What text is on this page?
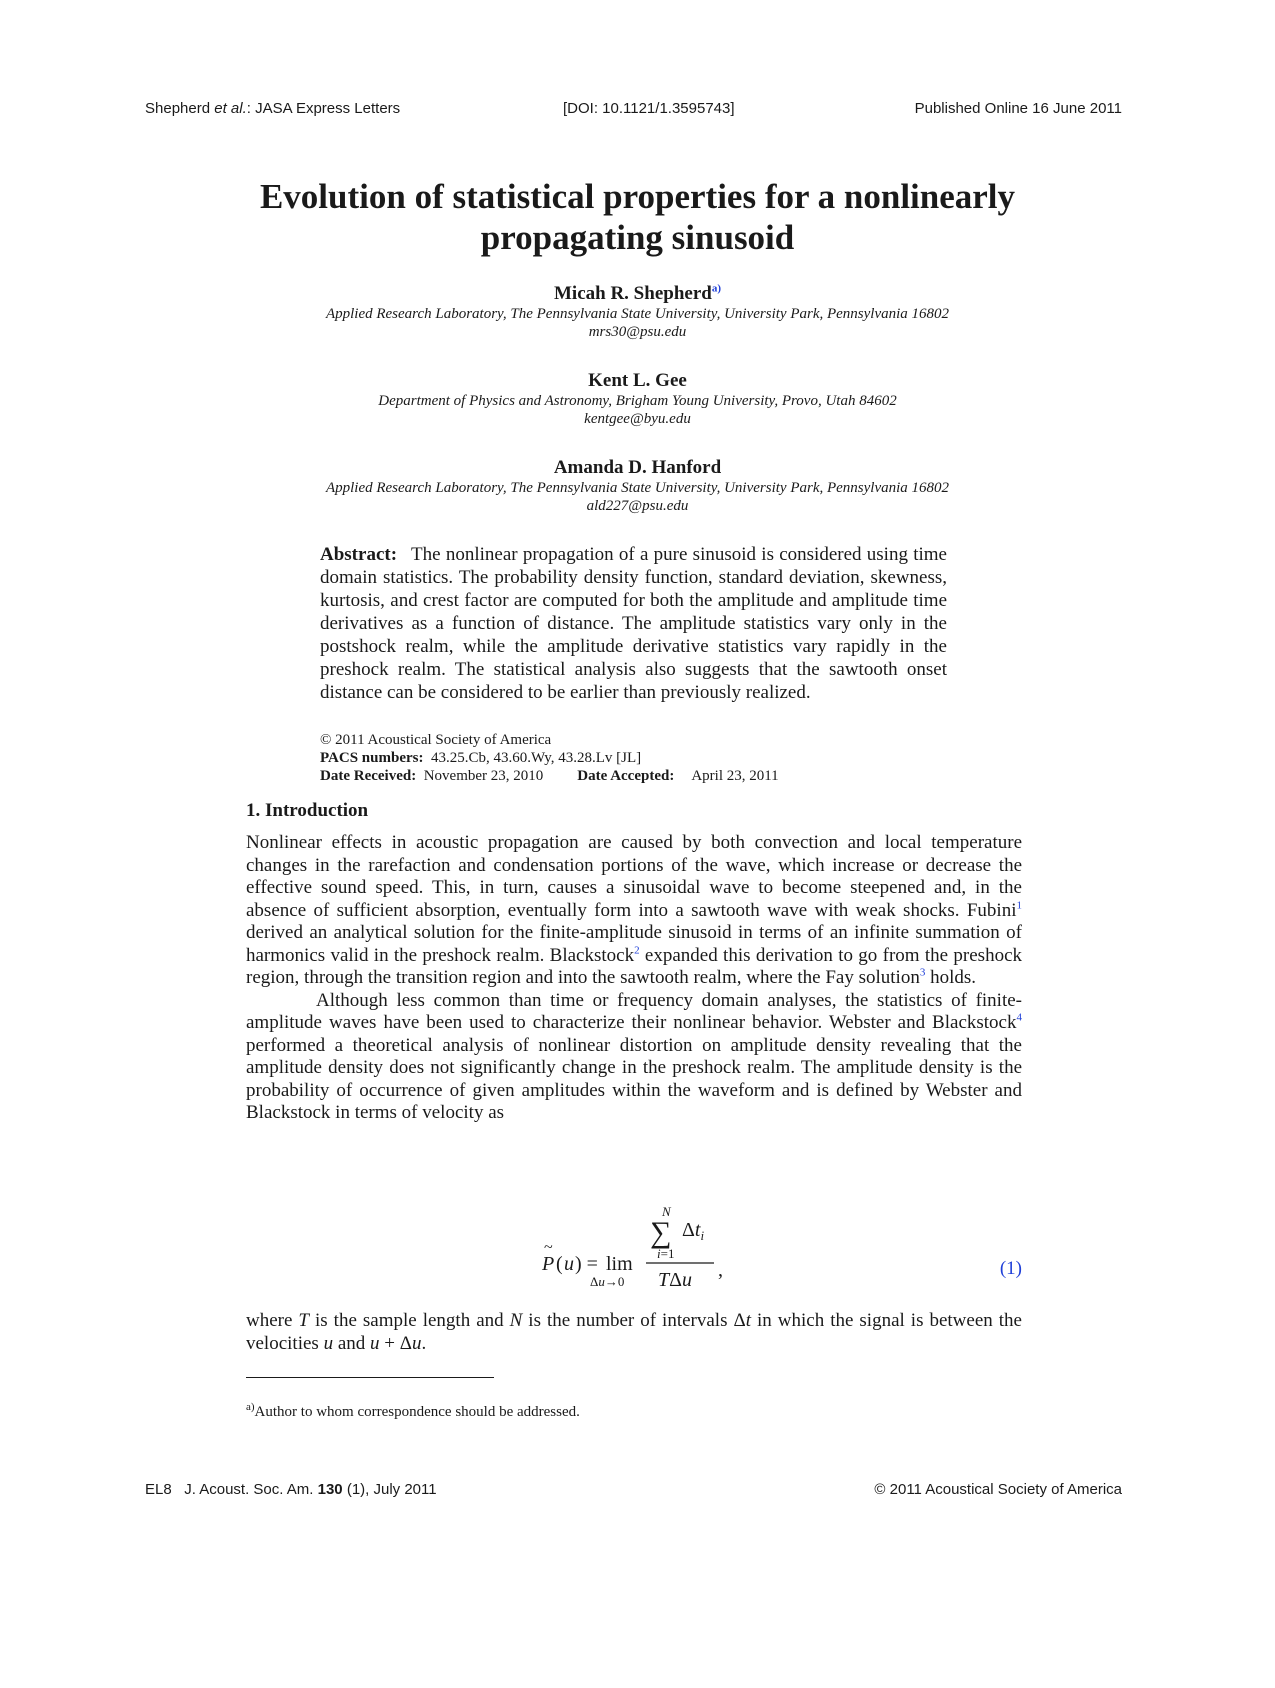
Shepherd et al.: JASA Express Letters	[DOI: 10.1121/1.3595743]	Published Online 16 June 2011
Evolution of statistical properties for a nonlinearly
propagating sinusoid
Micah R. Shepherd$^{a)}$
Applied Research Laboratory, The Pennsylvania State University, University Park, Pennsylvania 16802
mrs30@psu.edu
Kent L. Gee
Department of Physics and Astronomy, Brigham Young University, Provo, Utah 84602
kentgee@byu.edu
Amanda D. Hanford
Applied Research Laboratory, The Pennsylvania State University, University Park, Pennsylvania 16802
ald227@psu.edu
Abstract: The nonlinear propagation of a pure sinusoid is considered using time domain statistics. The probability density function, standard deviation, skewness, kurtosis, and crest factor are computed for both the amplitude and amplitude time derivatives as a function of distance. The amplitude statistics vary only in the postshock realm, while the amplitude derivative statistics vary rapidly in the preshock realm. The statistical analysis also suggests that the sawtooth onset distance can be considered to be earlier than previously realized.
© 2011 Acoustical Society of America
PACS numbers: 43.25.Cb, 43.60.Wy, 43.28.Lv [JL]
Date Received: November 23, 2010 Date Accepted: April 23, 2011
1. Introduction

Nonlinear effects in acoustic propagation are caused by both convection and local temperature changes in the rarefaction and condensation portions of the wave, which increase or decrease the effective sound speed. This, in turn, causes a sinusoidal wave to become steepened and, in the absence of sufficient absorption, eventually form into a sawtooth wave with weak shocks. Fubini$^1$ derived an analytical solution for the finite-amplitude sinusoid in terms of an infinite summation of harmonics valid in the preshock realm. Blackstock$^2$ expanded this derivation to go from the preshock region, through the transition region and into the sawtooth realm, where the Fay solution$^3$ holds.

Although less common than time or frequency domain analyses, the statistics of finite-amplitude waves have been used to characterize their nonlinear behavior. Webster and Blackstock$^4$ performed a theoretical analysis of nonlinear distortion on amplitude density revealing that the amplitude density does not significantly change in the preshock realm. The amplitude density is the probability of occurrence of given amplitudes within the waveform and is defined by Webster and Blackstock in terms of velocity as

P
~
( u ) = lim
Δu→0
N
∑ $\Delta t_i$
i=1
TΔu ,	(1)

where T is the sample length and N is the number of intervals Δt in which the signal is between the velocities u and u + Δu.

$^{a)}$Author to whom correspondence should be addressed.
EL8 J. Acoust. Soc. Am. 130 (1), July 2011	© 2011 Acoustical Society of America
